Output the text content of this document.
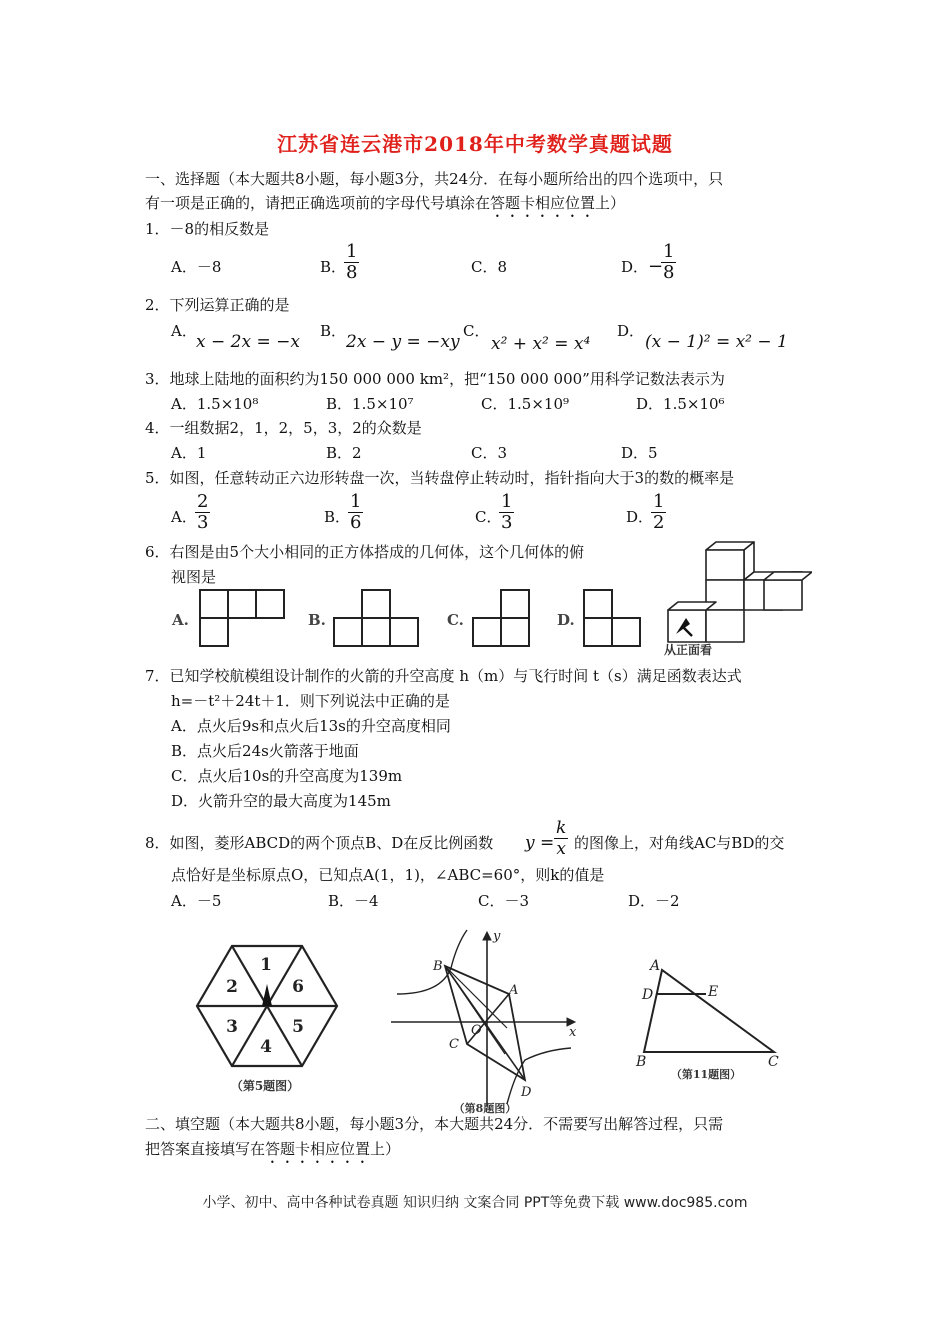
江苏省连云港市2018年中考数学真题试题
一、选择题（本大题共8小题，每小题3分，共24分．在每小题所给出的四个选项中，只
有一项是正确的，请把正确选项前的字母代号填涂在答题卡相应位置上）
1．－8的相反数是
A．－8	B．
$\frac{1}{8}$	C．8	D． −
$\frac{1}{8}$
2．下列运算正确的是
A．
x − 2x = −x
B．
2x − y = −xy
C．
x² + x² = x⁴
D．
(x − 1)² = x² − 1
3．地球上陆地的面积约为150 000 000 km²，把“150 000 000”用科学记数法表示为
A．1.5×10⁸	B．1.5×10⁷	C．1.5×10⁹	D．1.5×10⁶
4．一组数据2，1，2，5，3，2的众数是
A．1	B．2	C．3	D．5
5．如图，任意转动正六边形转盘一次，当转盘停止转动时，指针指向大于3的数的概率是
A．
$\frac{2}{3}$	B．
$\frac{1}{6}$	C．
$\frac{1}{3}$	D．
$\frac{1}{2}$
6．右图是由5个大小相同的正方体搭成的几何体，这个几何体的俯
视图是
A.	B.	C.	D.
从正面看
7．已知学校航模组设计制作的火箭的升空高度 h（m）与飞行时间 t（s）满足函数表达式
h=－t²＋24t＋1．则下列说法中正确的是
A．点火后9s和点火后13s的升空高度相同
B．点火后24s火箭落于地面
C．点火后10s的升空高度为139m
D．火箭升空的最大高度为145m
8．如图，菱形ABCD的两个顶点B、D在反比例函数 $y = \frac{k}{x}$ 的图像上，对角线AC与BD的交
点恰好是坐标原点O，已知点A(1，1)，∠ABC=60°，则k的值是
A．－5	B．－4	C．－3	D．－2
1
6
5
4
3
2
（第5题图）
y
x
A
B
C
D
O
（第8题图）
A
D	E
B	C
（第11题图）
二、填空题（本大题共8小题，每小题3分，本大题共24分．不需要写出解答过程，只需
把答案直接填写在答题卡相应位置上）
小学、初中、高中各种试卷真题 知识归纳 文案合同 PPT等免费下载 www.doc985.com
